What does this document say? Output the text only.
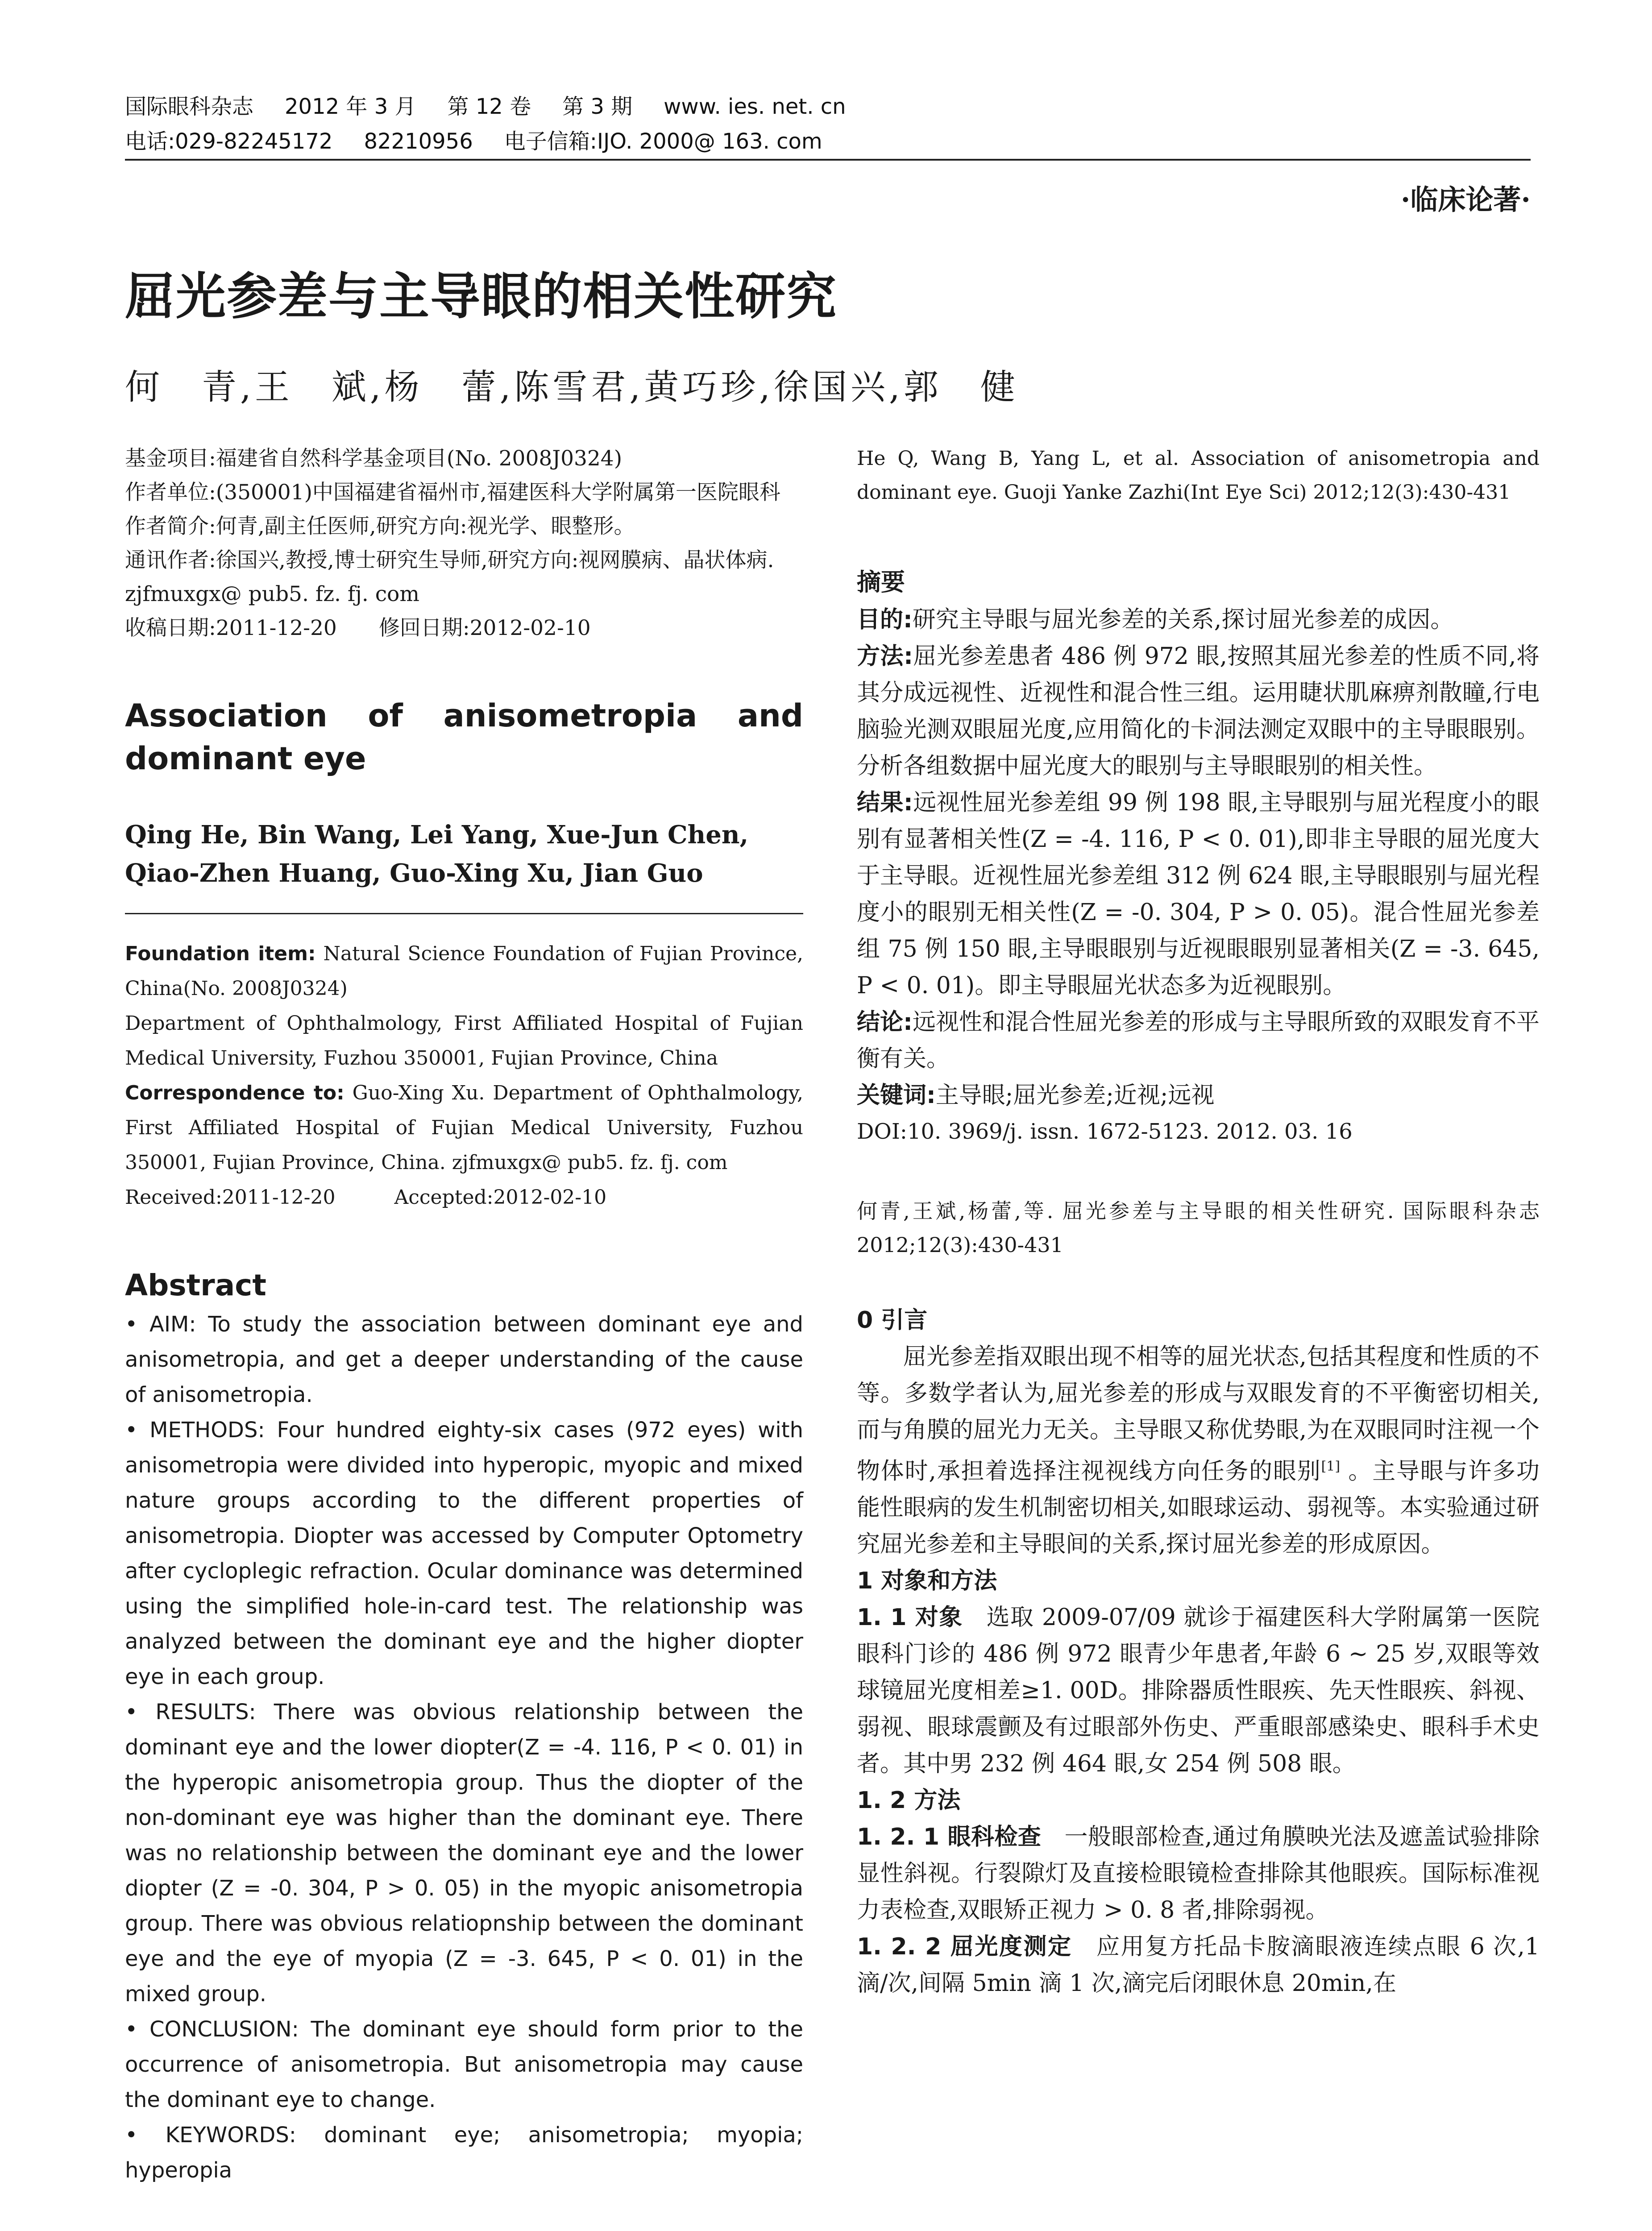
国际眼科杂志 2012 年 3 月 第 12 卷 第 3 期 www. ies. net. cn
电话:029-82245172 82210956 电子信箱:IJO. 2000@ 163. com
·临床论著·
屈光参差与主导眼的相关性研究
何　青,王　斌,杨　蕾,陈雪君,黄巧珍,徐国兴,郭　健

基金项目:福建省自然科学基金项目(No. 2008J0324)

作者单位:(350001)中国福建省福州市,福建医科大学附属第一医院眼科

作者简介:何青,副主任医师,研究方向:视光学、眼整形。

通讯作者:徐国兴,教授,博士研究生导师,研究方向:视网膜病、晶状体病. zjfmuxgx@ pub5. fz. fj. com

收稿日期:2011-12-20　　修回日期:2012-02-10

Association of anisometropia and dominant eye
Qing He, Bin Wang, Lei Yang, Xue-Jun Chen, Qiao-Zhen Huang, Guo-Xing Xu, Jian Guo

Foundation item: Natural Science Foundation of Fujian Province, China(No. 2008J0324)

Department of Ophthalmology, First Affiliated Hospital of Fujian Medical University, Fuzhou 350001, Fujian Province, China

Correspondence to: Guo-Xing Xu. Department of Ophthalmology, First Affiliated Hospital of Fujian Medical University, Fuzhou 350001, Fujian Province, China. zjfmuxgx@ pub5. fz. fj. com

Received:2011-12-20　　　Accepted:2012-02-10

Abstract

• AIM: To study the association between dominant eye and anisometropia, and get a deeper understanding of the cause of anisometropia.

• METHODS: Four hundred eighty-six cases (972 eyes) with anisometropia were divided into hyperopic, myopic and mixed nature groups according to the different properties of anisometropia. Diopter was accessed by Computer Optometry after cycloplegic refraction. Ocular dominance was determined using the simplified hole-in-card test. The relationship was analyzed between the dominant eye and the higher diopter eye in each group.

• RESULTS: There was obvious relationship between the dominant eye and the lower diopter(Z = -4. 116, P < 0. 01) in the hyperopic anisometropia group. Thus the diopter of the non-dominant eye was higher than the dominant eye. There was no relationship between the dominant eye and the lower diopter (Z = -0. 304, P > 0. 05) in the myopic anisometropia group. There was obvious relatiopnship between the dominant eye and the eye of myopia (Z = -3. 645, P < 0. 01) in the mixed group.

• CONCLUSION: The dominant eye should form prior to the occurrence of anisometropia. But anisometropia may cause the dominant eye to change.

• KEYWORDS: dominant eye; anisometropia; myopia; hyperopia

He Q, Wang B, Yang L, et al. Association of anisometropia and dominant eye. Guoji Yanke Zazhi(Int Eye Sci) 2012;12(3):430-431

摘要

目的:研究主导眼与屈光参差的关系,探讨屈光参差的成因。

方法:屈光参差患者 486 例 972 眼,按照其屈光参差的性质不同,将其分成远视性、近视性和混合性三组。运用睫状肌麻痹剂散瞳,行电脑验光测双眼屈光度,应用简化的卡洞法测定双眼中的主导眼眼别。分析各组数据中屈光度大的眼别与主导眼眼别的相关性。

结果:远视性屈光参差组 99 例 198 眼,主导眼别与屈光程度小的眼别有显著相关性(Z = -4. 116, P < 0. 01),即非主导眼的屈光度大于主导眼。近视性屈光参差组 312 例 624 眼,主导眼眼别与屈光程度小的眼别无相关性(Z = -0. 304, P > 0. 05)。混合性屈光参差组 75 例 150 眼,主导眼眼别与近视眼眼别显著相关(Z = -3. 645, P < 0. 01)。即主导眼屈光状态多为近视眼别。

结论:远视性和混合性屈光参差的形成与主导眼所致的双眼发育不平衡有关。

关键词:主导眼;屈光参差;近视;远视

DOI:10. 3969/j. issn. 1672-5123. 2012. 03. 16

何青,王斌,杨蕾,等. 屈光参差与主导眼的相关性研究. 国际眼科杂志 2012;12(3):430-431

0 引言

屈光参差指双眼出现不相等的屈光状态,包括其程度和性质的不等。多数学者认为,屈光参差的形成与双眼发育的不平衡密切相关,而与角膜的屈光力无关。主导眼又称优势眼,为在双眼同时注视一个物体时,承担着选择注视视线方向任务的眼别[1] 。主导眼与许多功能性眼病的发生机制密切相关,如眼球运动、弱视等。本实验通过研究屈光参差和主导眼间的关系,探讨屈光参差的形成原因。

1 对象和方法

1. 1 对象　选取 2009-07/09 就诊于福建医科大学附属第一医院眼科门诊的 486 例 972 眼青少年患者,年龄 6 ~ 25 岁,双眼等效球镜屈光度相差≥1. 00D。排除器质性眼疾、先天性眼疾、斜视、弱视、眼球震颤及有过眼部外伤史、严重眼部感染史、眼科手术史者。其中男 232 例 464 眼,女 254 例 508 眼。

1. 2 方法

1. 2. 1 眼科检查　一般眼部检查,通过角膜映光法及遮盖试验排除显性斜视。行裂隙灯及直接检眼镜检查排除其他眼疾。国际标准视力表检查,双眼矫正视力 > 0. 8 者,排除弱视。

1. 2. 2 屈光度测定　应用复方托品卡胺滴眼液连续点眼 6 次,1 滴/次,间隔 5min 滴 1 次,滴完后闭眼休息 20min,在
